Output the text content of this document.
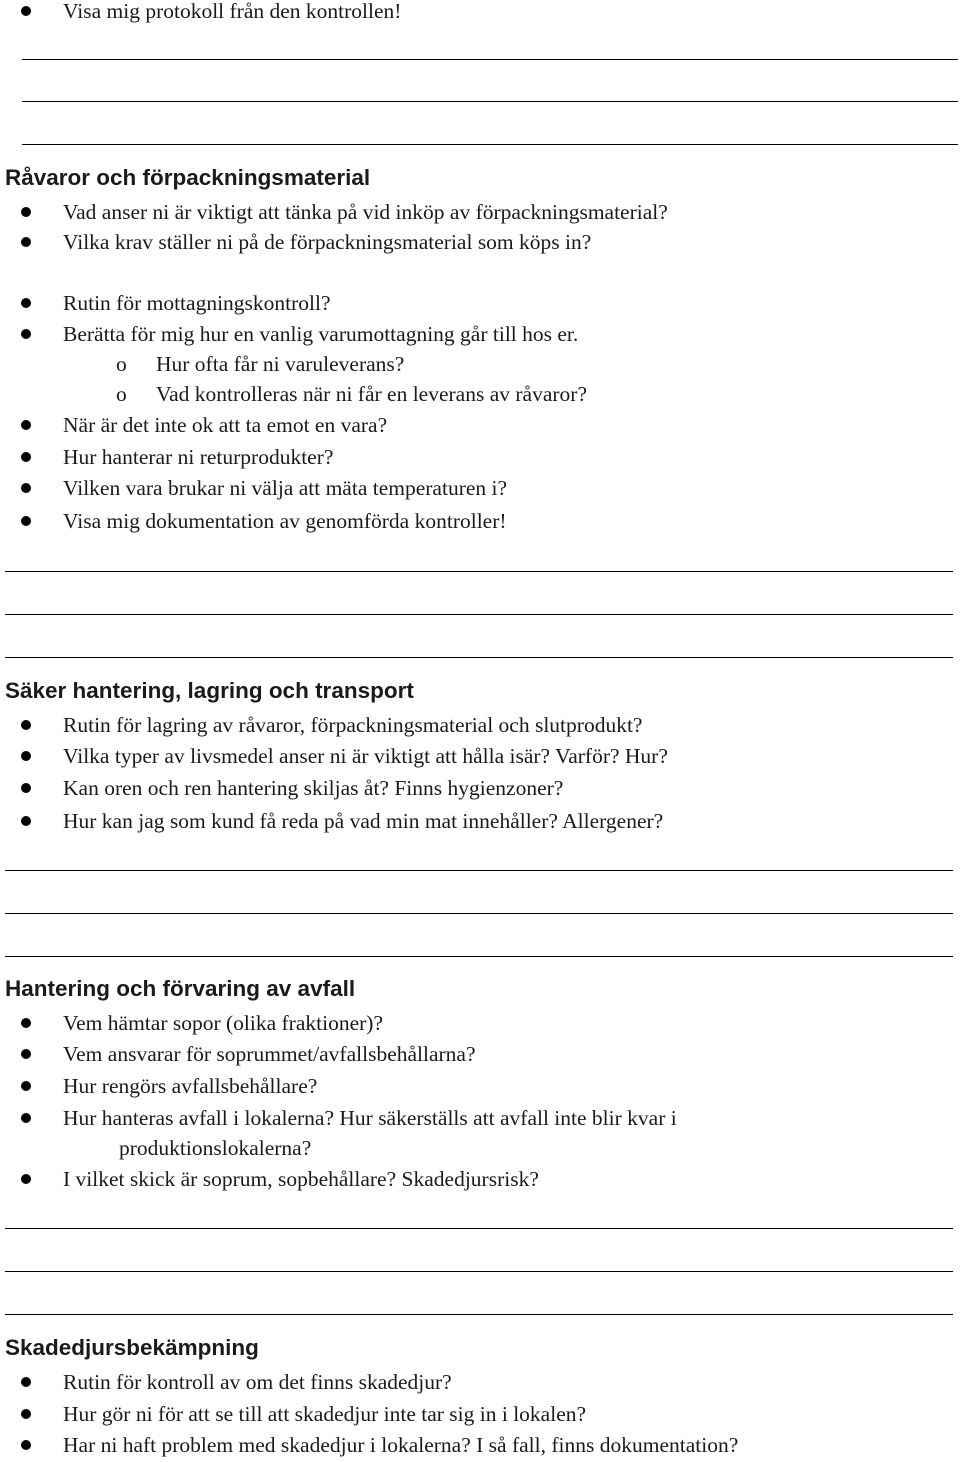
Visa mig protokoll från den kontrollen!
Råvaror och förpackningsmaterial
Vad anser ni är viktigt att tänka på vid inköp av förpackningsmaterial?
Vilka krav ställer ni på de förpackningsmaterial som köps in?
Rutin för mottagningskontroll?
Berätta för mig hur en vanlig varumottagning går till hos er.
o Hur ofta får ni varuleverans?
o Vad kontrolleras när ni får en leverans av råvaror?
När är det inte ok att ta emot en vara?
Hur hanterar ni returprodukter?
Vilken vara brukar ni välja att mäta temperaturen i?
Visa mig dokumentation av genomförda kontroller!
Säker hantering, lagring och transport
Rutin för lagring av råvaror, förpackningsmaterial och slutprodukt?
Vilka typer av livsmedel anser ni är viktigt att hålla isär? Varför? Hur?
Kan oren och ren hantering skiljas åt? Finns hygienzoner?
Hur kan jag som kund få reda på vad min mat innehåller? Allergener?
Hantering och förvaring av avfall
Vem hämtar sopor (olika fraktioner)?
Vem ansvarar för soprummet/avfallsbehållarna?
Hur rengörs avfallsbehållare?
Hur hanteras avfall i lokalerna? Hur säkerställs att avfall inte blir kvar i
produktionslokalerna?
I vilket skick är soprum, sopbehållare? Skadedjursrisk?
Skadedjursbekämpning
Rutin för kontroll av om det finns skadedjur?
Hur gör ni för att se till att skadedjur inte tar sig in i lokalen?
Har ni haft problem med skadedjur i lokalerna? I så fall, finns dokumentation?
